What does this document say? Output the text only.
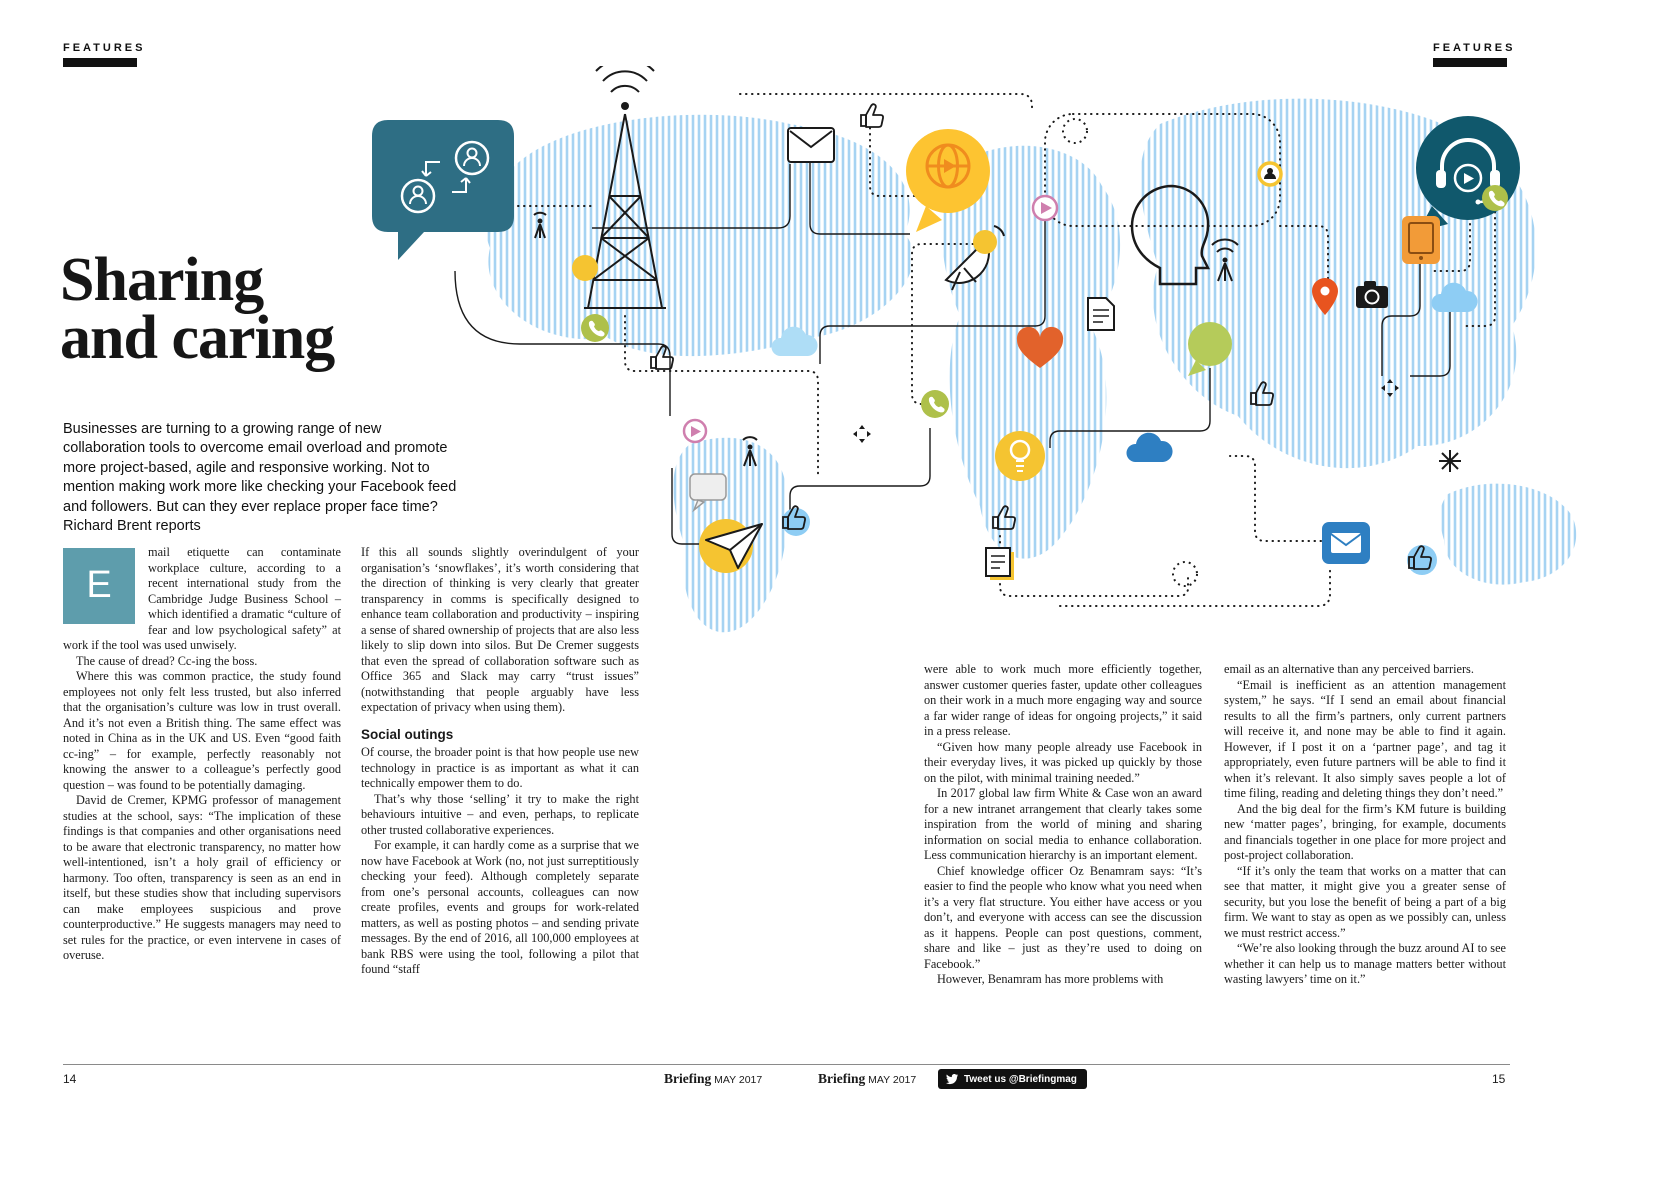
FEATURES	FEATURES
Sharing
and caring

Businesses are turning to a growing range of new collaboration tools to overcome email overload and promote more project-based, agile and responsive working. Not to mention making work more like checking your Facebook feed and followers. But can they ever replace proper face time? Richard Brent reports

E

mail etiquette can contaminate workplace culture, according to a recent international study from the Cambridge Judge Business School – which identified a dramatic “culture of fear and low psychological safety” at work if the tool was used unwisely.

The cause of dread? Cc-ing the boss.

Where this was common practice, the study found employees not only felt less trusted, but also inferred that the organisation’s culture was low in trust overall. And it’s not even a British thing. The same effect was noted in China as in the UK and US. Even “good faith cc-ing” – for example, perfectly reasonably not knowing the answer to a colleague’s perfectly good question – was found to be potentially damaging.

David de Cremer, KPMG professor of management studies at the school, says: “The implication of these findings is that companies and other organisations need to be aware that electronic transparency, no matter how well-intentioned, isn’t a holy grail of efficiency or harmony. Too often, transparency is seen as an end in itself, but these studies show that including supervisors can make employees suspicious and prove counterproductive.” He suggests managers may need to set rules for the practice, or even intervene in cases of overuse.

If this all sounds slightly overindulgent of your organisation’s ‘snowflakes’, it’s worth considering that the direction of thinking is very clearly that greater transparency in comms is specifically designed to enhance team collaboration and productivity – inspiring a sense of shared ownership of projects that are also less likely to slip down into silos. But De Cremer suggests that even the spread of collaboration software such as Office 365 and Slack may carry “trust issues” (notwithstanding that people arguably have less expectation of privacy when using them).

Social outings

Of course, the broader point is that how people use new technology in practice is as important as what it can technically empower them to do.

That’s why those ‘selling’ it try to make the right behaviours intuitive – and even, perhaps, to replicate other trusted collaborative experiences.

For example, it can hardly come as a surprise that we now have Facebook at Work (no, not just surreptitiously checking your feed). Although completely separate from one’s personal accounts, colleagues can now create profiles, events and groups for work-related matters, as well as posting photos – and sending private messages. By the end of 2016, all 100,000 employees at bank RBS were using the tool, following a pilot that found “staff

were able to work much more efficiently together, answer customer queries faster, update other colleagues on their work in a much more engaging way and source a far wider range of ideas for ongoing projects,” it said in a press release.

“Given how many people already use Facebook in their everyday lives, it was picked up quickly by those on the pilot, with minimal training needed.”

In 2017 global law firm White & Case won an award for a new intranet arrangement that clearly takes some inspiration from the world of mining and sharing information on social media to enhance collaboration. Less communication hierarchy is an important element.

Chief knowledge officer Oz Benamram says: “It’s easier to find the people who know what you need when it’s a very flat structure. You either have access or you don’t, and everyone with access can see the discussion as it happens. People can post questions, comment, share and like – just as they’re used to doing on Facebook.”

However, Benamram has more problems with

email as an alternative than any perceived barriers.

“Email is inefficient as an attention management system,” he says. “If I send an email about financial results to all the firm’s partners, only current partners will receive it, and none may be able to find it again. However, if I post it on a ‘partner page’, and tag it appropriately, even future partners will be able to find it when it’s relevant. It also simply saves people a lot of time filing, reading and deleting things they don’t need.”

And the big deal for the firm’s KM future is building new ‘matter pages’, bringing, for example, documents and financials together in one place for more project and post-project collaboration.

“If it’s only the team that works on a matter that can see that matter, it might give you a greater sense of security, but you lose the benefit of being a part of a big firm. We want to stay as open as we possibly can, unless we must restrict access.”

“We’re also looking through the buzz around AI to see whether it can help us to manage matters better without wasting lawyers’ time on it.”

14	Briefing MAY 2017	Briefing MAY 2017	Tweet us @Briefingmag	15
